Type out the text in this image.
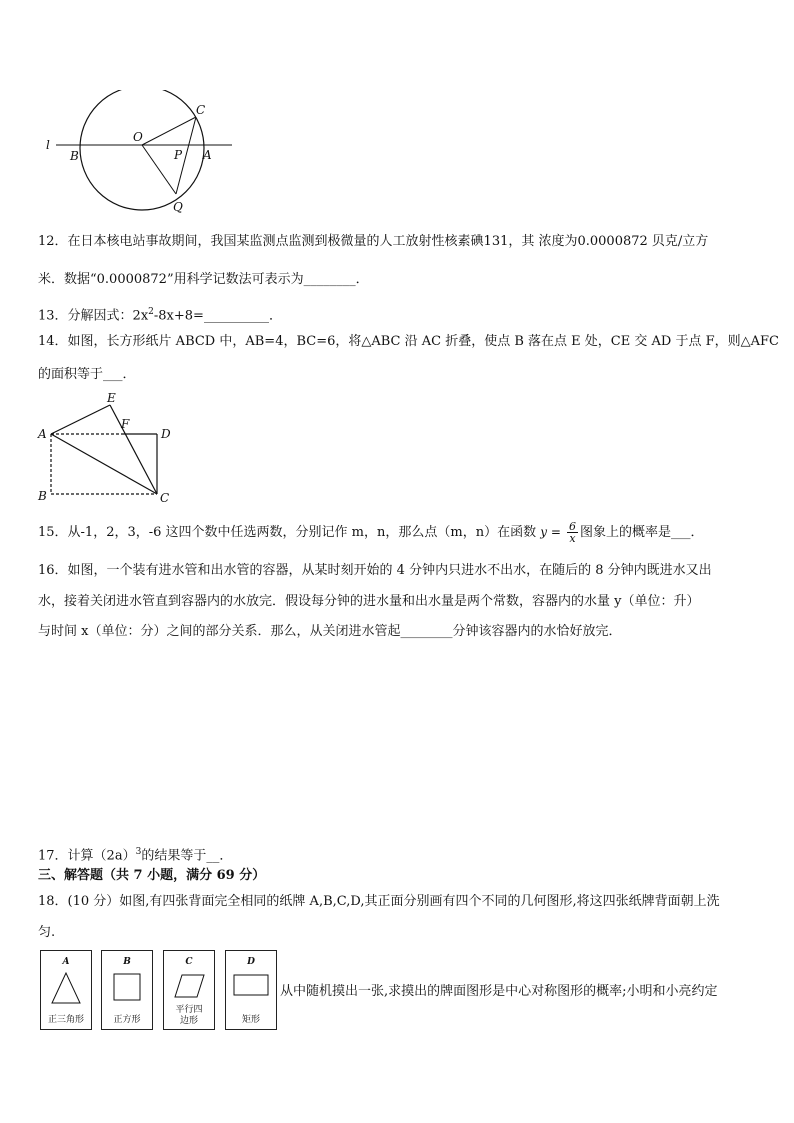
l
B
O
C
P A
Q
12．在日本核电站事故期间，我国某监测点监测到极微量的人工放射性核素碘131，其 浓度为0.0000872 贝克/立方
米．数据“0.0000872”用科学记数法可表示为________．
13．分解因式：$2x^2-8x+8=\_\_\_\_\_\_\_\_\_\_$．
14．如图，长方形纸片 ABCD 中，AB=4，BC=6，将△ABC 沿 AC 折叠，使点 B 落在点 E 处，CE 交 AD 于点 F，则△AFC
的面积等于___．
A
B	C
D
E
F
15．从-1，2，3，-6 这四个数中任选两数，分别记作 m，n，那么点（m，n）在函数 $y = \frac{6}{x}$ 图象上的概率是___．
16．如图，一个装有进水管和出水管的容器，从某时刻开始的 4 分钟内只进水不出水，在随后的 8 分钟内既进水又出
水，接着关闭进水管直到容器内的水放完．假设每分钟的进水量和出水量是两个常数，容器内的水量 y（单位：升）
与时间 x（单位：分）之间的部分关系．那么，从关闭进水管起________分钟该容器内的水恰好放完．
17．计算$(2a)^3$的结果等于__．
三、解答题（共 7 小题，满分 69 分）
18．(10 分）如图,有四张背面完全相同的纸牌 A,B,C,D,其正面分别画有四个不同的几何图形,将这四张纸牌背面朝上洗
匀.
A
正三角形
B
正方形
C
平行四
边形
D
矩形
从中随机摸出一张,求摸出的牌面图形是中心对称图形的概率;小明和小亮约定
